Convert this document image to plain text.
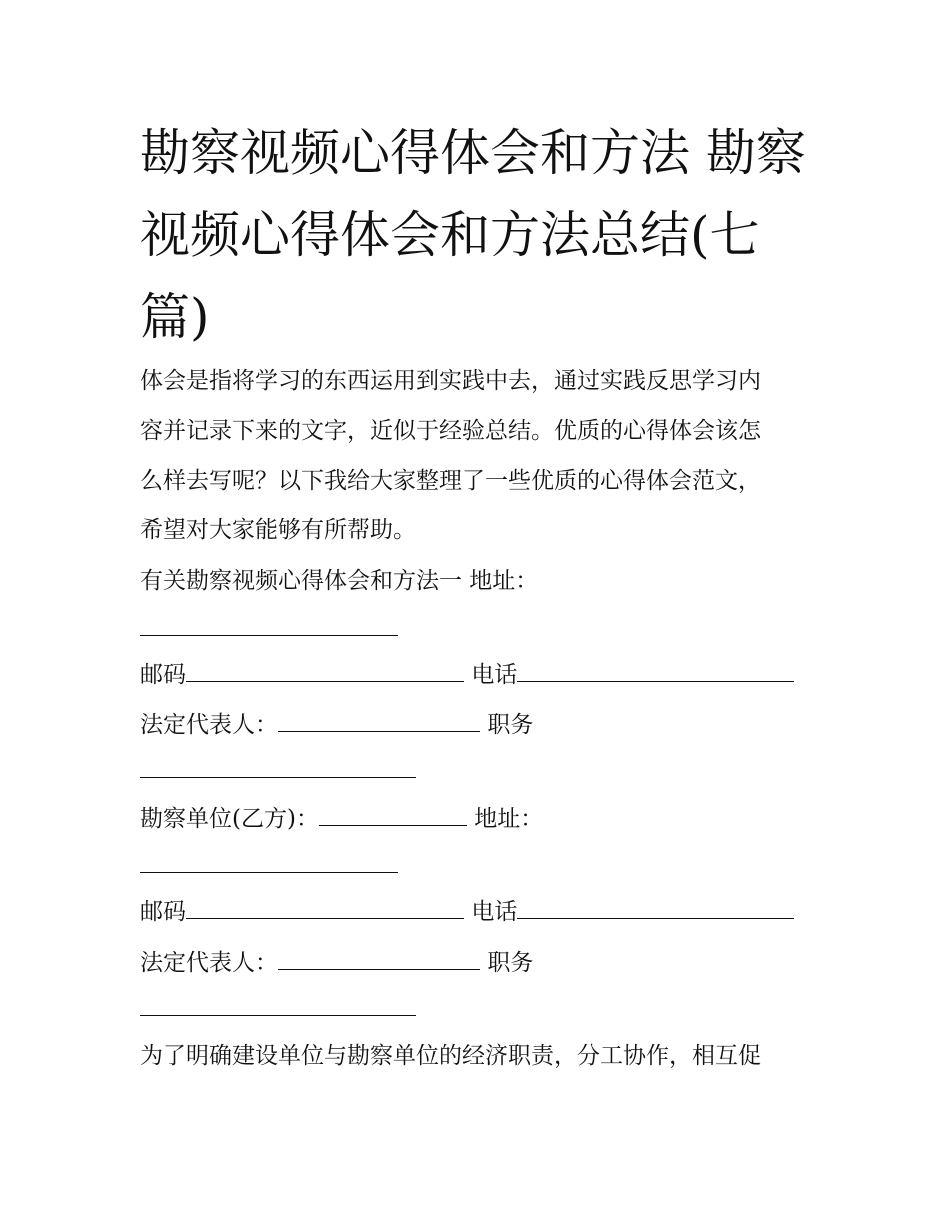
勘察视频心得体会和方法 勘察
视频心得体会和方法总结(七
篇)
体会是指将学习的东西运用到实践中去，通过实践反思学习内
容并记录下来的文字，近似于经验总结。优质的心得体会该怎
么样去写呢？以下我给大家整理了一些优质的心得体会范文，
希望对大家能够有所帮助。
有关勘察视频心得体会和方法一 地址：
邮码	电话
法定代表人：	职务
勘察单位(乙方)：	地址：
邮码	电话
法定代表人：	职务
为了明确建设单位与勘察单位的经济职责，分工协作，相互促
